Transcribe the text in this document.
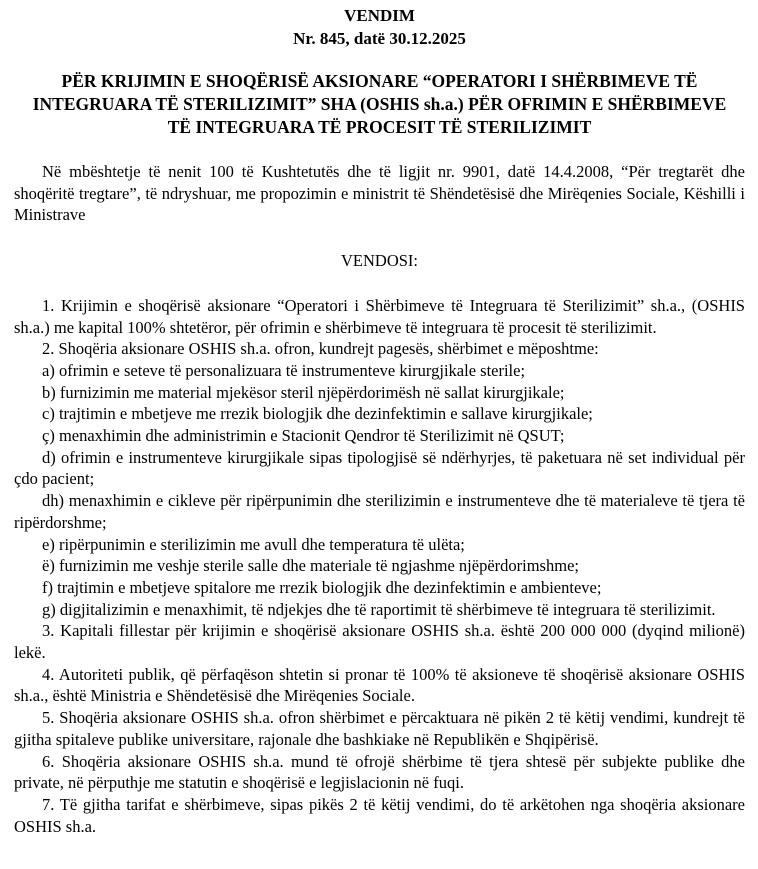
VENDIM

Nr. 845, datë 30.12.2025

PËR KRIJIMIN E SHOQËRISË AKSIONARE “OPERATORI I SHËRBIMEVE TË INTEGRUARA TË STERILIZIMIT” SHA (OSHIS sh.a.) PËR OFRIMIN E SHËRBIMEVE TË INTEGRUARA TË PROCESIT TË STERILIZIMIT

Në mbështetje të nenit 100 të Kushtetutës dhe të ligjit nr. 9901, datë 14.4.2008, “Për tregtarët dhe shoqëritë tregtare”, të ndryshuar, me propozimin e ministrit të Shëndetësisë dhe Mirëqenies Sociale, Këshilli i Ministrave

VENDOSI:

1. Krijimin e shoqërisë aksionare “Operatori i Shërbimeve të Integruara të Sterilizimit” sh.a., (OSHIS sh.a.) me kapital 100% shtetëror, për ofrimin e shërbimeve të integruara të procesit të sterilizimit.

2. Shoqëria aksionare OSHIS sh.a. ofron, kundrejt pagesës, shërbimet e mëposhtme:

a) ofrimin e seteve të personalizuara të instrumenteve kirurgjikale sterile;

b) furnizimin me material mjekësor steril njëpërdorimësh në sallat kirurgjikale;

c) trajtimin e mbetjeve me rrezik biologjik dhe dezinfektimin e sallave kirurgjikale;

ç) menaxhimin dhe administrimin e Stacionit Qendror të Sterilizimit në QSUT;

d) ofrimin e instrumenteve kirurgjikale sipas tipologjisë së ndërhyrjes, të paketuara në set individual për çdo pacient;

dh) menaxhimin e cikleve për ripërpunimin dhe sterilizimin e instrumenteve dhe të materialeve të tjera të ripërdorshme;

e) ripërpunimin e sterilizimin me avull dhe temperatura të ulëta;

ë) furnizimin me veshje sterile salle dhe materiale të ngjashme njëpërdorimshme;

f) trajtimin e mbetjeve spitalore me rrezik biologjik dhe dezinfektimin e ambienteve;

g) digjitalizimin e menaxhimit, të ndjekjes dhe të raportimit të shërbimeve të integruara të sterilizimit.

3. Kapitali fillestar për krijimin e shoqërisë aksionare OSHIS sh.a. është 200 000 000 (dyqind milionë) lekë.

4. Autoriteti publik, që përfaqëson shtetin si pronar të 100% të aksioneve të shoqërisë aksionare OSHIS sh.a., është Ministria e Shëndetësisë dhe Mirëqenies Sociale.

5. Shoqëria aksionare OSHIS sh.a. ofron shërbimet e përcaktuara në pikën 2 të këtij vendimi, kundrejt të gjitha spitaleve publike universitare, rajonale dhe bashkiake në Republikën e Shqipërisë.

6. Shoqëria aksionare OSHIS sh.a. mund të ofrojë shërbime të tjera shtesë për subjekte publike dhe private, në përputhje me statutin e shoqërisë e legjislacionin në fuqi.

7. Të gjitha tarifat e shërbimeve, sipas pikës 2 të këtij vendimi, do të arkëtohen nga shoqëria aksionare OSHIS sh.a.
